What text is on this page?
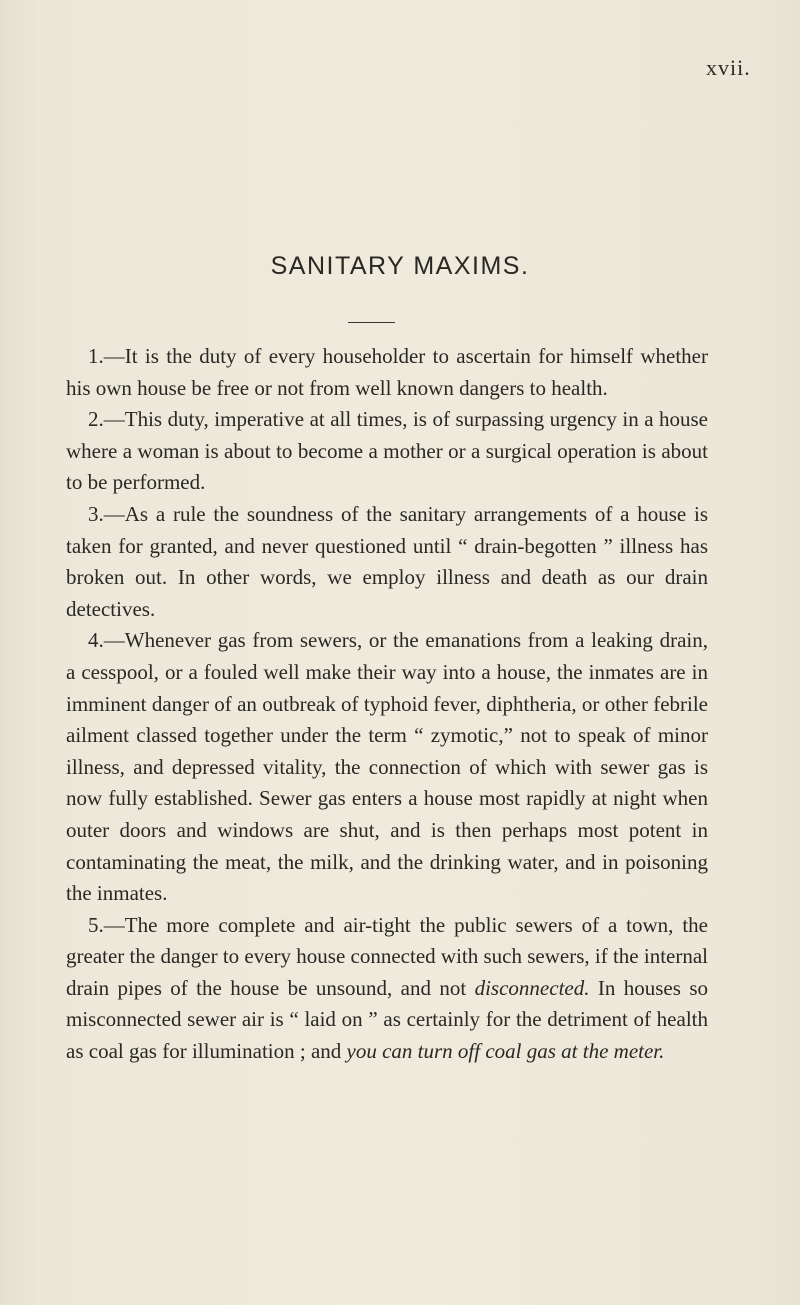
xvii.
SANITARY MAXIMS.

1.—It is the duty of every householder to ascertain for himself whether his own house be free or not from well known dangers to health.

2.—This duty, imperative at all times, is of surpassing urgency in a house where a woman is about to become a mother or a surgical operation is about to be performed.

3.—As a rule the soundness of the sanitary arrangements of a house is taken for granted, and never questioned until “ drain-begotten ” illness has broken out. In other words, we employ illness and death as our drain detectives.

4.—Whenever gas from sewers, or the emanations from a leaking drain, a cesspool, or a fouled well make their way into a house, the inmates are in imminent danger of an outbreak of typhoid fever, diphtheria, or other febrile ailment classed together under the term “ zymotic,” not to speak of minor illness, and depressed vitality, the connection of which with sewer gas is now fully established. Sewer gas enters a house most rapidly at night when outer doors and windows are shut, and is then perhaps most potent in contaminating the meat, the milk, and the drinking water, and in poisoning the inmates.

5.—The more complete and air-tight the public sewers of a town, the greater the danger to every house connected with such sewers, if the internal drain pipes of the house be unsound, and not disconnected. In houses so misconnected sewer air is “ laid on ” as certainly for the detriment of health as coal gas for illumination ; and you can turn off coal gas at the meter.
